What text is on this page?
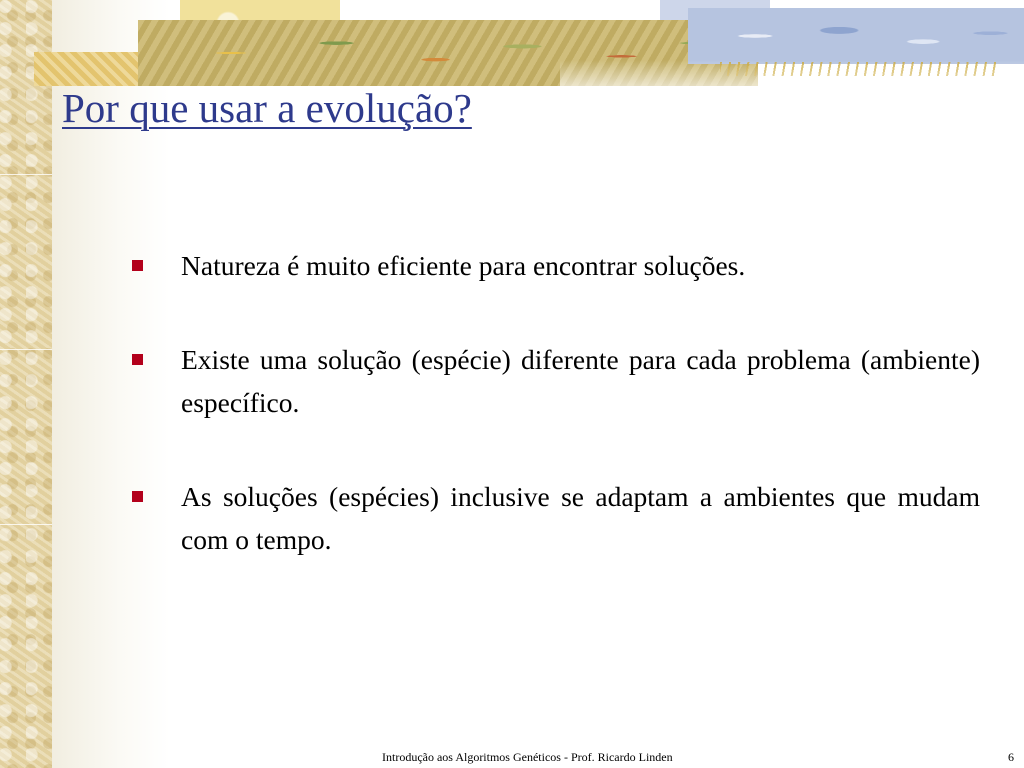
Por que usar a evolução?
Natureza é muito eficiente para encontrar soluções.
Existe uma solução (espécie) diferente para cada problema (ambiente) específico.
As soluções (espécies) inclusive se adaptam a ambientes que mudam com o tempo.
Introdução aos Algoritmos Genéticos - Prof. Ricardo Linden	6
